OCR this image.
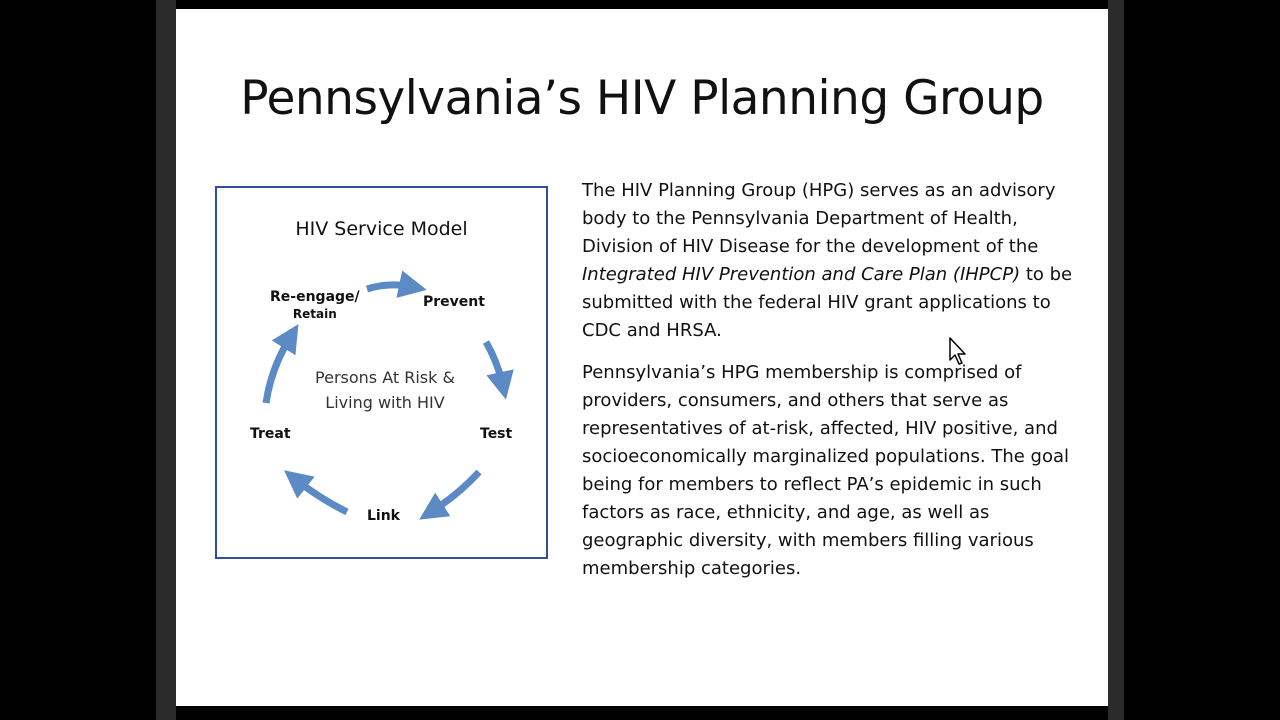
Pennsylvania’s HIV Planning Group
HIV Service Model
Re-engage/
Retain
Prevent
Test
Link
Treat
Persons At Risk & Living with HIV

The HIV Planning Group (HPG) serves as an advisory body to the Pennsylvania Department of Health, Division of HIV Disease for the development of the Integrated HIV Prevention and Care Plan (IHPCP) to be submitted with the federal HIV grant applications to CDC and HRSA.

Pennsylvania’s HPG membership is comprised of providers, consumers, and others that serve as representatives of at-risk, affected, HIV positive, and socioeconomically marginalized populations. The goal being for members to reflect PA’s epidemic in such factors as race, ethnicity, and age, as well as geographic diversity, with members filling various membership categories.
